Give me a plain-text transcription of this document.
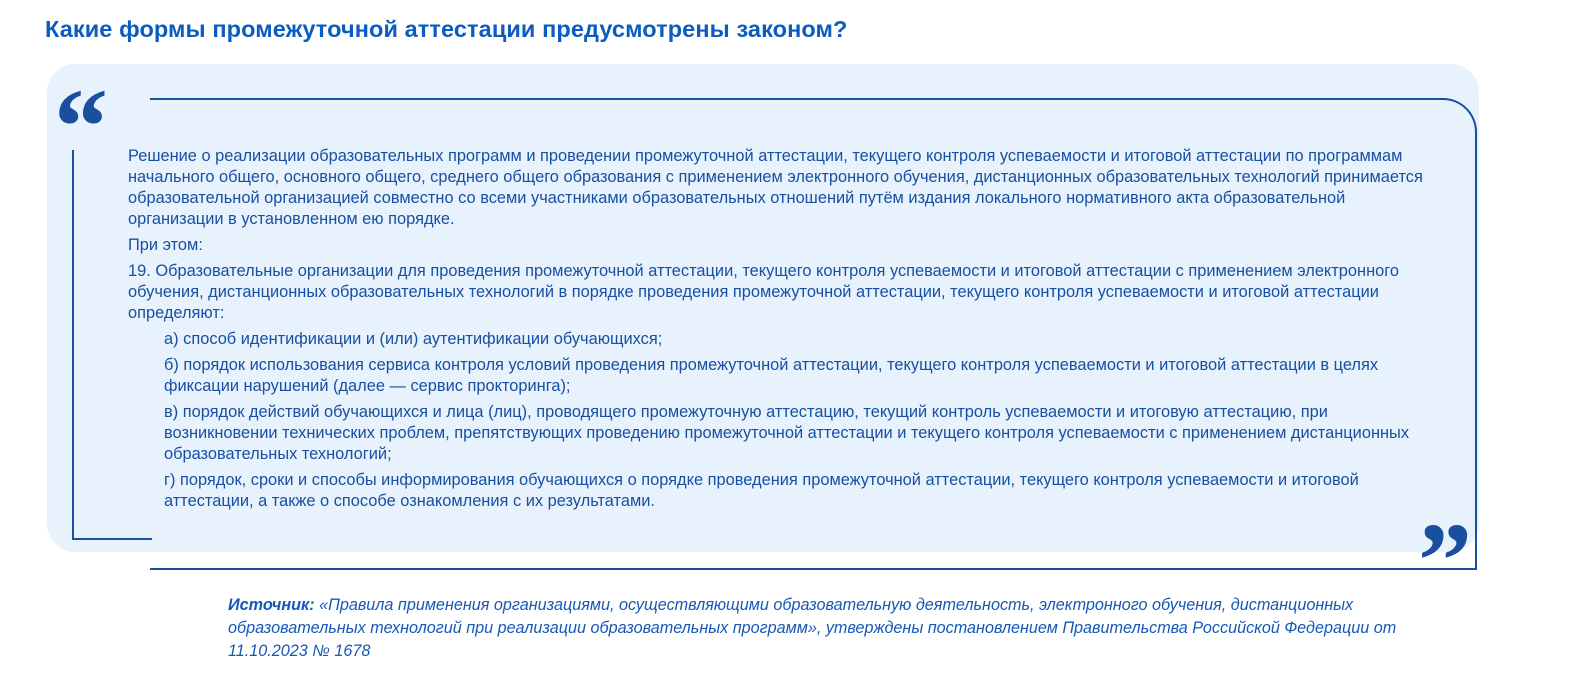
Какие формы промежуточной аттестации предусмотрены законом?
“
”

Решение о реализации образовательных программ и проведении промежуточной аттестации, текущего контроля успеваемости и итоговой аттестации по программам начального общего, основного общего, среднего общего образования с применением электронного обучения, дистанционных образовательных технологий принимается образовательной организацией совместно со всеми участниками образовательных отношений путём издания локального нормативного акта образовательной организации в установленном ею порядке.

При этом:

19. Образовательные организации для проведения промежуточной аттестации, текущего контроля успеваемости и итоговой аттестации с применением электронного обучения, дистанционных образовательных технологий в порядке проведения промежуточной аттестации, текущего контроля успеваемости и итоговой аттестации определяют:

а) способ идентификации и (или) аутентификации обучающихся;

б) порядок использования сервиса контроля условий проведения промежуточной аттестации, текущего контроля успеваемости и итоговой аттестации в целях фиксации нарушений (далее — сервис прокторинга);

в) порядок действий обучающихся и лица (лиц), проводящего промежуточную аттестацию, текущий контроль успеваемости и итоговую аттестацию, при возникновении технических проблем, препятствующих проведению промежуточной аттестации и текущего контроля успеваемости с применением дистанционных образовательных технологий;

г) порядок, сроки и способы информирования обучающихся о порядке проведения промежуточной аттестации, текущего контроля успеваемости и итоговой аттестации, а также о способе ознакомления с их результатами.

Источник: «Правила применения организациями, осуществляющими образовательную деятельность, электронного обучения, дистанционных образовательных технологий при реализации образовательных программ», утверждены постановлением Правительства Российской Федерации от 11.10.2023 № 1678
